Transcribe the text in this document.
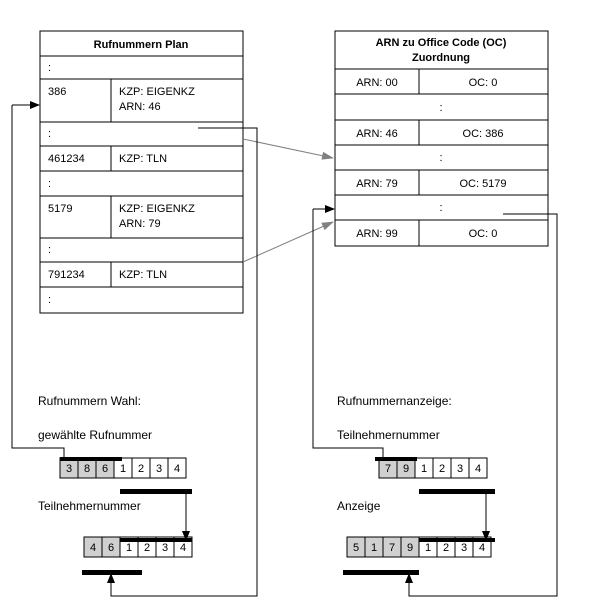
Rufnummern Plan
:
386	KZP: EIGENKZ
ARN: 46
:
461234	KZP: TLN
:
5179	KZP: EIGENKZ
ARN: 79
:
791234	KZP: TLN
:
ARN zu Office Code (OC)
Zuordnung
ARN: 00	OC: 0
:
ARN: 46	OC: 386
:
ARN: 79	OC: 5179
:
ARN: 99	OC: 0
Rufnummern Wahl:
gewählte Rufnummer
Teilnehmernummer
3 8 6 1 2 3 4
4 6 1 2 3 4
Rufnummernanzeige:
Teilnehmernummer
Anzeige
7 9 1 2 3 4
5 1 7 9 1 2 3 4
